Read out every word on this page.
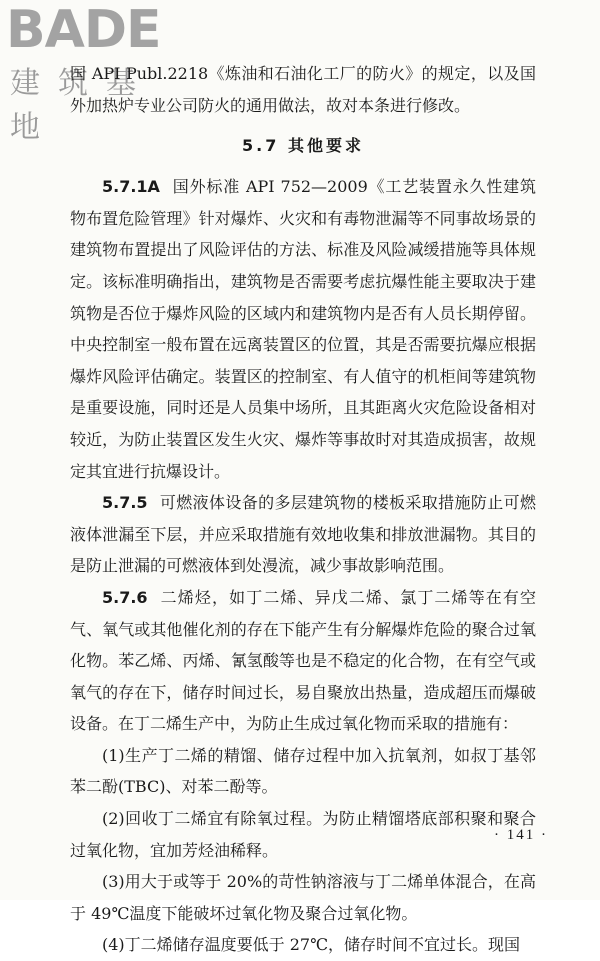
BADE
建筑基地

国 API Publ.2218《炼油和石油化工厂的防火》的规定，以及国外加热炉专业公司防火的通用做法，故对本条进行修改。

5.7 其他要求

5.7.1A 国外标准 API 752—2009《工艺装置永久性建筑物布置危险管理》针对爆炸、火灾和有毒物泄漏等不同事故场景的建筑物布置提出了风险评估的方法、标准及风险减缓措施等具体规定。该标准明确指出，建筑物是否需要考虑抗爆性能主要取决于建筑物是否位于爆炸风险的区域内和建筑物内是否有人员长期停留。中央控制室一般布置在远离装置区的位置，其是否需要抗爆应根据爆炸风险评估确定。装置区的控制室、有人值守的机柜间等建筑物是重要设施，同时还是人员集中场所，且其距离火灾危险设备相对较近，为防止装置区发生火灾、爆炸等事故时对其造成损害，故规定其宜进行抗爆设计。

5.7.5 可燃液体设备的多层建筑物的楼板采取措施防止可燃液体泄漏至下层，并应采取措施有效地收集和排放泄漏物。其目的是防止泄漏的可燃液体到处漫流，减少事故影响范围。

5.7.6 二烯烃，如丁二烯、异戊二烯、氯丁二烯等在有空气、氧气或其他催化剂的存在下能产生有分解爆炸危险的聚合过氧化物。苯乙烯、丙烯、氰氢酸等也是不稳定的化合物，在有空气或氧气的存在下，储存时间过长，易自聚放出热量，造成超压而爆破设备。在丁二烯生产中，为防止生成过氧化物而采取的措施有：

(1)生产丁二烯的精馏、储存过程中加入抗氧剂，如叔丁基邻苯二酚(TBC)、对苯二酚等。

(2)回收丁二烯宜有除氧过程。为防止精馏塔底部积聚和聚合过氧化物，宜加芳烃油稀释。

(3)用大于或等于 20%的苛性钠溶液与丁二烯单体混合，在高于 49℃温度下能破坏过氧化物及聚合过氧化物。

(4)丁二烯储存温度要低于 27℃，储存时间不宜过长。现国

· 141 ·
